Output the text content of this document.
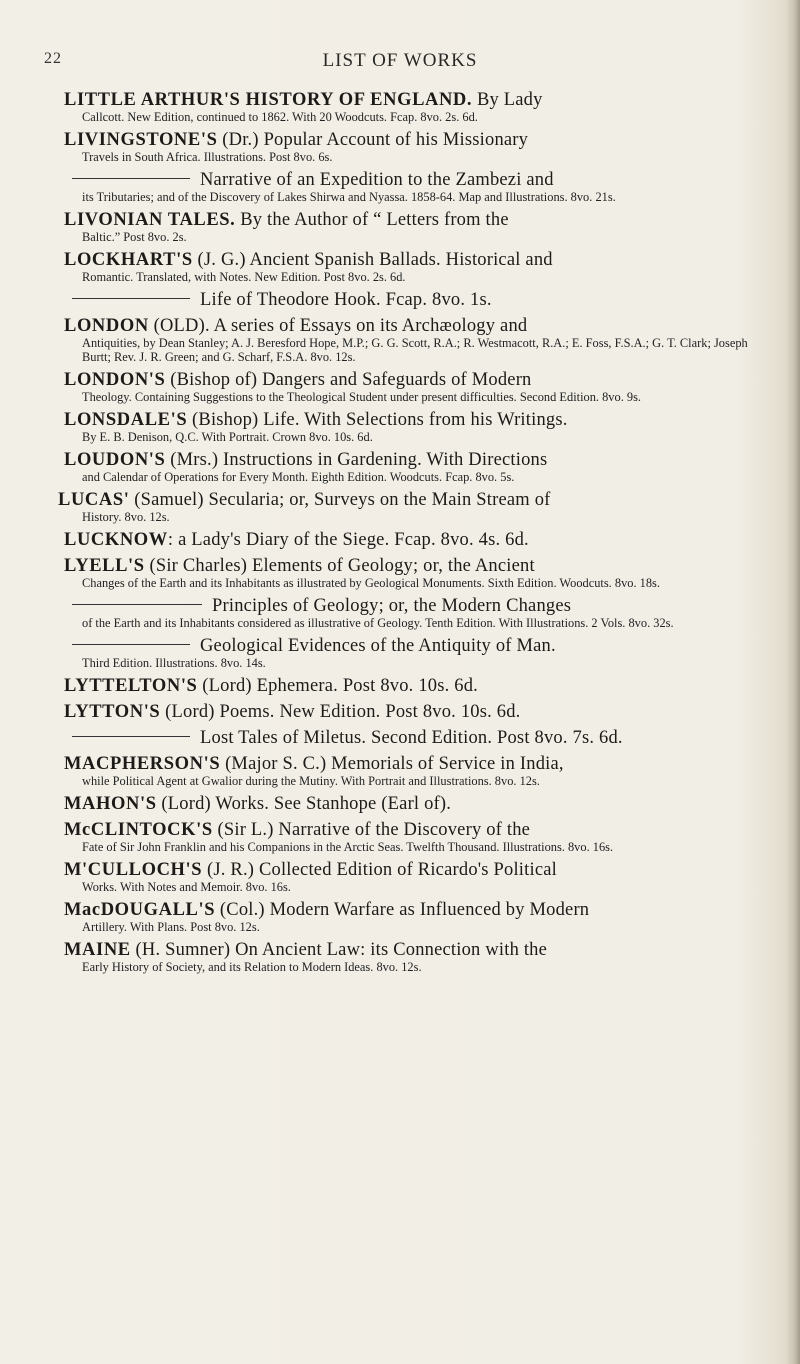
22	LIST OF WORKS
LITTLE ARTHUR'S HISTORY OF ENGLAND. By Lady
Callcott. New Edition, continued to 1862. With 20 Woodcuts. Fcap. 8vo. 2s. 6d.
LIVINGSTONE'S (Dr.) Popular Account of his Missionary
Travels in South Africa. Illustrations. Post 8vo. 6s.
Narrative of an Expedition to the Zambezi and
its Tributaries; and of the Discovery of Lakes Shirwa and Nyassa. 1858-64. Map and Illustrations. 8vo. 21s.
LIVONIAN TALES. By the Author of “ Letters from the
Baltic.” Post 8vo. 2s.
LOCKHART'S (J. G.) Ancient Spanish Ballads. Historical and
Romantic. Translated, with Notes. New Edition. Post 8vo. 2s. 6d.
Life of Theodore Hook. Fcap. 8vo. 1s.
LONDON (OLD). A series of Essays on its Archæology and
Antiquities, by Dean Stanley; A. J. Beresford Hope, M.P.; G. G. Scott, R.A.; R. Westmacott, R.A.; E. Foss, F.S.A.; G. T. Clark; Joseph Burtt; Rev. J. R. Green; and G. Scharf, F.S.A. 8vo. 12s.
LONDON'S (Bishop of) Dangers and Safeguards of Modern
Theology. Containing Suggestions to the Theological Student under present difficulties. Second Edition. 8vo. 9s.
LONSDALE'S (Bishop) Life. With Selections from his Writings.
By E. B. Denison, Q.C. With Portrait. Crown 8vo. 10s. 6d.
LOUDON'S (Mrs.) Instructions in Gardening. With Directions
and Calendar of Operations for Every Month. Eighth Edition. Woodcuts. Fcap. 8vo. 5s.
LUCAS' (Samuel) Secularia; or, Surveys on the Main Stream of
History. 8vo. 12s.
LUCKNOW: a Lady's Diary of the Siege. Fcap. 8vo. 4s. 6d.
LYELL'S (Sir Charles) Elements of Geology; or, the Ancient
Changes of the Earth and its Inhabitants as illustrated by Geological Monuments. Sixth Edition. Woodcuts. 8vo. 18s.
Principles of Geology; or, the Modern Changes
of the Earth and its Inhabitants considered as illustrative of Geology. Tenth Edition. With Illustrations. 2 Vols. 8vo. 32s.
Geological Evidences of the Antiquity of Man.
Third Edition. Illustrations. 8vo. 14s.
LYTTELTON'S (Lord) Ephemera. Post 8vo. 10s. 6d.
LYTTON'S (Lord) Poems. New Edition. Post 8vo. 10s. 6d.
Lost Tales of Miletus. Second Edition. Post 8vo. 7s. 6d.
MACPHERSON'S (Major S. C.) Memorials of Service in India,
while Political Agent at Gwalior during the Mutiny. With Portrait and Illustrations. 8vo. 12s.
MAHON'S (Lord) Works. See Stanhope (Earl of).
McCLINTOCK'S (Sir L.) Narrative of the Discovery of the
Fate of Sir John Franklin and his Companions in the Arctic Seas. Twelfth Thousand. Illustrations. 8vo. 16s.
M'CULLOCH'S (J. R.) Collected Edition of Ricardo's Political
Works. With Notes and Memoir. 8vo. 16s.
MacDOUGALL'S (Col.) Modern Warfare as Influenced by Modern
Artillery. With Plans. Post 8vo. 12s.
MAINE (H. Sumner) On Ancient Law: its Connection with the
Early History of Society, and its Relation to Modern Ideas. 8vo. 12s.
